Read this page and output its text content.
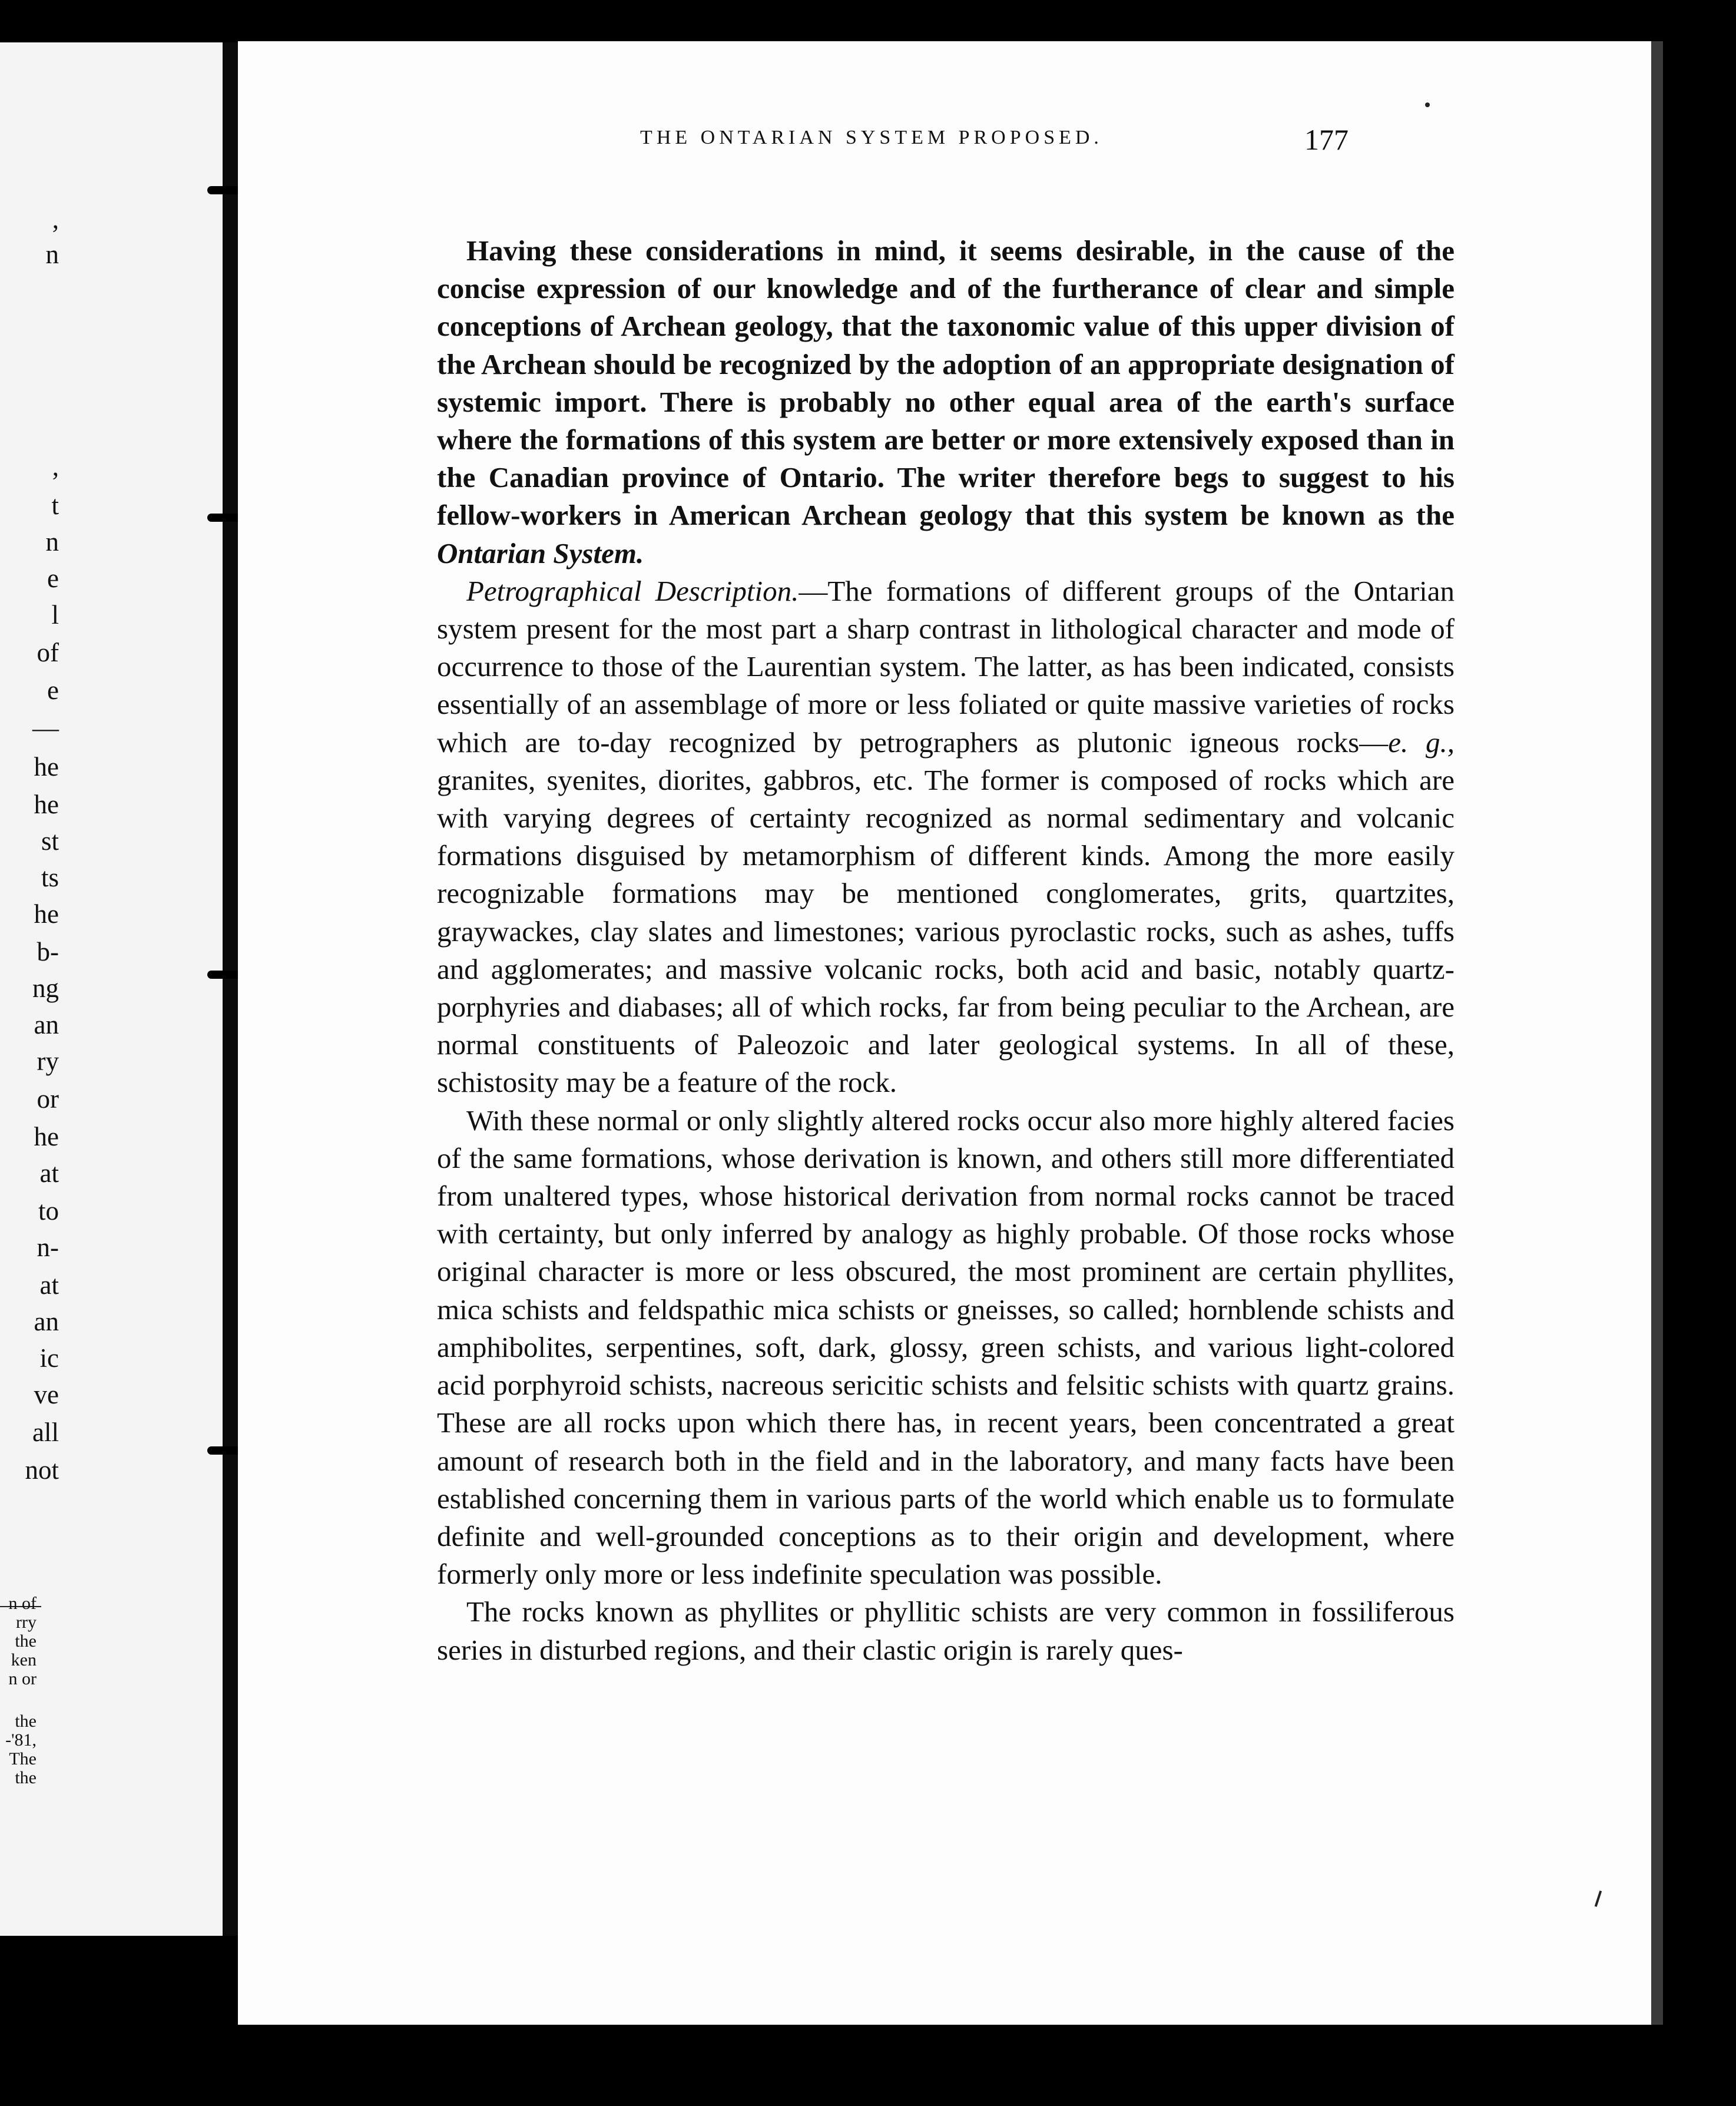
,
n
,
t
n
e
l
of
e
—
he
he
st
ts
he
b-
ng
an
ry
or
he
at
to
n-
at
an
ic
ve
all
not
n of
rry
the
ken
n or
the
-'81,
The
the
THE ONTARIAN SYSTEM PROPOSED.	177

Having these considerations in mind, it seems desirable, in the cause of the concise expression of our knowledge and of the furtherance of clear and simple conceptions of Archean geology, that the taxonomic value of this upper division of the Archean should be recognized by the adoption of an appropriate designation of systemic import. There is probably no other equal area of the earth's surface where the formations of this system are better or more extensively exposed than in the Canadian province of Ontario. The writer therefore begs to suggest to his fellow-workers in American Archean geology that this system be known as the Ontarian System.

Petrographical Description.—The formations of different groups of the Ontarian system present for the most part a sharp contrast in lithological character and mode of occurrence to those of the Laurentian system. The latter, as has been indicated, consists essentially of an assemblage of more or less foliated or quite massive varieties of rocks which are to-day recognized by petrographers as plutonic igneous rocks—e. g., granites, syenites, diorites, gabbros, etc. The former is composed of rocks which are with varying degrees of certainty recognized as normal sedimentary and volcanic formations disguised by metamorphism of different kinds. Among the more easily recognizable formations may be mentioned conglomerates, grits, quartzites, graywackes, clay slates and limestones; various pyroclastic rocks, such as ashes, tuffs and agglomerates; and massive volcanic rocks, both acid and basic, notably quartz-porphyries and diabases; all of which rocks, far from being peculiar to the Archean, are normal constituents of Paleozoic and later geological systems. In all of these, schistosity may be a feature of the rock.

With these normal or only slightly altered rocks occur also more highly altered facies of the same formations, whose derivation is known, and others still more differentiated from unaltered types, whose historical derivation from normal rocks cannot be traced with certainty, but only inferred by analogy as highly probable. Of those rocks whose original character is more or less obscured, the most prominent are certain phyllites, mica schists and feldspathic mica schists or gneisses, so called; hornblende schists and amphibolites, serpentines, soft, dark, glossy, green schists, and various light-colored acid porphyroid schists, nacreous sericitic schists and felsitic schists with quartz grains. These are all rocks upon which there has, in recent years, been concentrated a great amount of research both in the field and in the laboratory, and many facts have been established concerning them in various parts of the world which enable us to formulate definite and well-grounded conceptions as to their origin and development, where formerly only more or less indefinite speculation was possible.

The rocks known as phyllites or phyllitic schists are very common in fossiliferous series in disturbed regions, and their clastic origin is rarely ques-
